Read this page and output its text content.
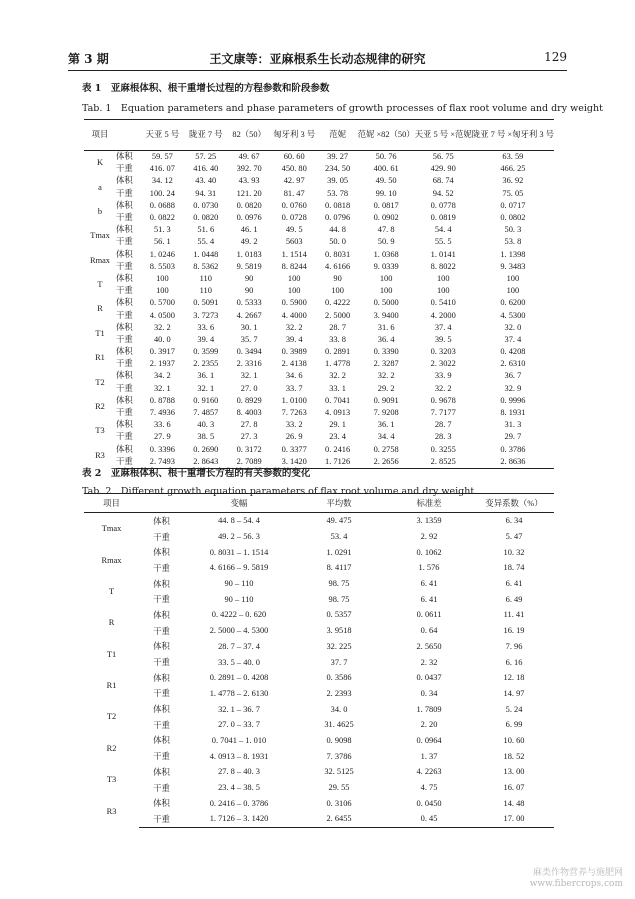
第 3 期	王文康等：亚麻根系生长动态规律的研究	129
表 1　亚麻根体积、根干重增长过程的方程参数和阶段参数
Tab. 1　Equation parameters and phase parameters of growth processes of flax root volume and dry weight
项目		天亚 5 号	陇亚 7 号	82（50）	匈牙利 3 号	范妮	范妮 ×82（50）	天亚 5 号 ×范妮	陇亚 7 号 ×匈牙利 3 号
K	体积	59. 57	57. 25	49. 67	60. 60	39. 27	50. 76	56. 75	63. 59
	干重	416. 07	416. 40	392. 70	450. 80	234. 50	400. 61	429. 90	466. 25
a	体积	34. 12	43. 40	43. 93	42. 97	39. 05	49. 50	68. 74	36. 92
	干重	100. 24	94. 31	121. 20	81. 47	53. 78	99. 10	94. 52	75. 05
b	体积	0. 0688	0. 0730	0. 0820	0. 0760	0. 0818	0. 0817	0. 0778	0. 0717
	干重	0. 0822	0. 0820	0. 0976	0. 0728	0. 0796	0. 0902	0. 0819	0. 0802
Tmax	体积	51. 3	51. 6	46. 1	49. 5	44. 8	47. 8	54. 4	50. 3
	干重	56. 1	55. 4	49. 2	5603	50. 0	50. 9	55. 5	53. 8
Rmax	体积	1. 0246	1. 0448	1. 0183	1. 1514	0. 8031	1. 0368	1. 0141	1. 1398
	干重	8. 5503	8. 5362	9. 5819	8. 8244	4. 6166	9. 0339	8. 8022	9. 3483
T	体积	100	110	90	100	90	100	100	100
	干重	100	110	90	100	100	100	100	100
R	体积	0. 5700	0. 5091	0. 5333	0. 5900	0. 4222	0. 5000	0. 5410	0. 6200
	干重	4. 0500	3. 7273	4. 2667	4. 4000	2. 5000	3. 9400	4. 2000	4. 5300
T1	体积	32. 2	33. 6	30. 1	32. 2	28. 7	31. 6	37. 4	32. 0
	干重	40. 0	39. 4	35. 7	39. 4	33. 8	36. 4	39. 5	37. 4
R1	体积	0. 3917	0. 3599	0. 3494	0. 3989	0. 2891	0. 3390	0. 3203	0. 4208
	干重	2. 1937	2. 2355	2. 3316	2. 4138	1. 4778	2. 3287	2. 3022	2. 6310
T2	体积	34. 2	36. 1	32. 1	34. 6	32. 2	32. 2	33. 9	36. 7
	干重	32. 1	32. 1	27. 0	33. 7	33. 1	29. 2	32. 2	32. 9
R2	体积	0. 8788	0. 9160	0. 8929	1. 0100	0. 7041	0. 9091	0. 9678	0. 9996
	干重	7. 4936	7. 4857	8. 4003	7. 7263	4. 0913	7. 9208	7. 7177	8. 1931
T3	体积	33. 6	40. 3	27. 8	33. 2	29. 1	36. 1	28. 7	31. 3
	干重	27. 9	38. 5	27. 3	26. 9	23. 4	34. 4	28. 3	29. 7
R3	体积	0. 3396	0. 2690	0. 3172	0. 3377	0. 2416	0. 2758	0. 3255	0. 3786
	干重	2. 7493	2. 8643	2. 7089	3. 1420	1. 7126	2. 2656	2. 8525	2. 8636
表 2　亚麻根体积、根干重增长方程的有关参数的变化
Tab. 2　Different growth equation parameters of flax root volume and dry weight
项目		变幅	平均数	标准差	变异系数（%）
Tmax	体积	44. 8 – 54. 4	49. 475	3. 1359	6. 34
	干重	49. 2 – 56. 3	53. 4	2. 92	5. 47
Rmax	体积	0. 8031 – 1. 1514	1. 0291	0. 1062	10. 32
	干重	4. 6166 – 9. 5819	8. 4117	1. 576	18. 74
T	体积	90 – 110	98. 75	6. 41	6. 41
	干重	90 – 110	98. 75	6. 41	6. 49
R	体积	0. 4222 – 0. 620	0. 5357	0. 0611	11. 41
	干重	2. 5000 – 4. 5300	3. 9518	0. 64	16. 19
T1	体积	28. 7 – 37. 4	32. 225	2. 5650	7. 96
	干重	33. 5 – 40. 0	37. 7	2. 32	6. 16
R1	体积	0. 2891 – 0. 4208	0. 3586	0. 0437	12. 18
	干重	1. 4778 – 2. 6130	2. 2393	0. 34	14. 97
T2	体积	32. 1 – 36. 7	34. 0	1. 7809	5. 24
	干重	27. 0 – 33. 7	31. 4625	2. 20	6. 99
R2	体积	0. 7041 – 1. 010	0. 9098	0. 0964	10. 60
	干重	4. 0913 – 8. 1931	7. 3786	1. 37	18. 52
T3	体积	27. 8 – 40. 3	32. 5125	4. 2263	13. 00
	干重	23. 4 – 38. 5	29. 55	4. 75	16. 07
R3	体积	0. 2416 – 0. 3786	0. 3106	0. 0450	14. 48
	干重	1. 7126 – 3. 1420	2. 6455	0. 45	17. 00
麻类作物营养与施肥网
www.fibercrops.com
